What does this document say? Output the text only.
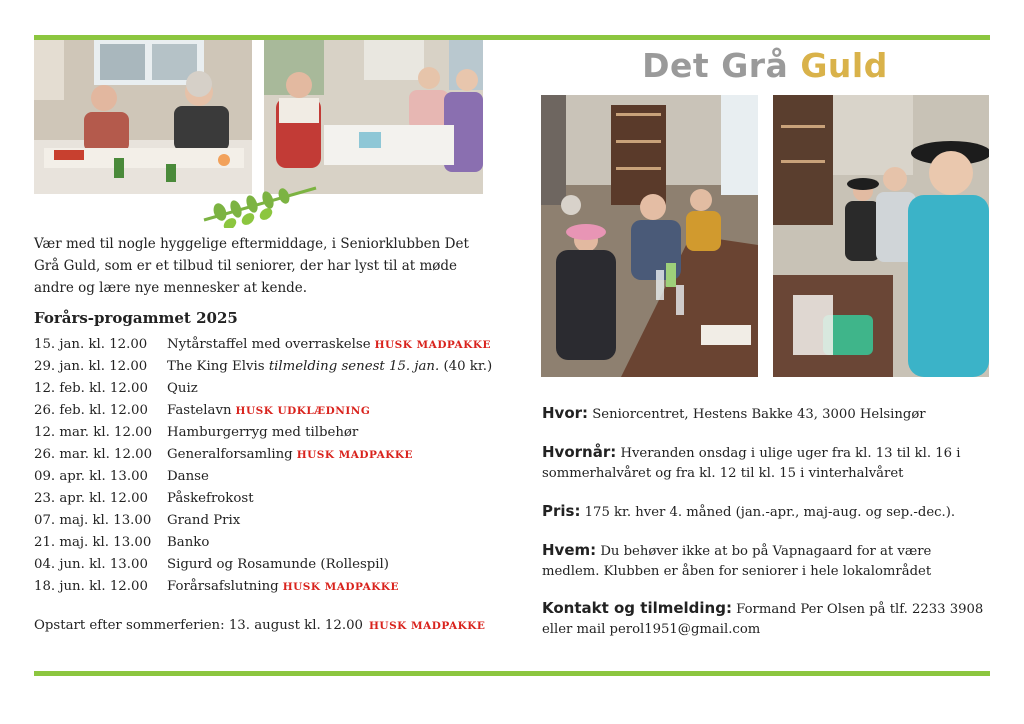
Vær med til nogle hyggelige eftermiddage, i Seniorklubben Det Grå Guld, som er et tilbud til seniorer, der har lyst til at møde andre og lære nye mennesker at kende.
Forårs-progammet 2025
15. jan. kl. 12.00	Nytårstaffel med overraskelse HUSK MADPAKKE
29. jan. kl. 12.00	The King Elvis tilmelding senest 15. jan. (40 kr.)
12. feb. kl. 12.00	Quiz
26. feb. kl. 12.00	Fastelavn HUSK UDKLÆDNING
12. mar. kl. 12.00	Hamburgerryg med tilbehør
26. mar. kl. 12.00	Generalforsamling HUSK MADPAKKE
09. apr. kl. 13.00	Danse
23. apr. kl. 12.00	Påskefrokost
07. maj. kl. 13.00	Grand Prix
21. maj. kl. 13.00	Banko
04. jun. kl. 13.00	Sigurd og Rosamunde (Rollespil)
18. jun. kl. 12.00	Forårsafslutning HUSK MADPAKKE
Opstart efter sommerferien: 13. august kl. 12.00 HUSK MADPAKKE
Det Grå Guld
Hvor: Seniorcentret, Hestens Bakke 43, 3000 Helsingør
Hvornår: Hveranden onsdag i ulige uger fra kl. 13 til kl. 16 i sommerhalvåret og fra kl. 12 til kl. 15 i vinterhalvåret
Pris: 175 kr. hver 4. måned (jan.-apr., maj-aug. og sep.-dec.).
Hvem: Du behøver ikke at bo på Vapnagaard for at være medlem. Klubben er åben for seniorer i hele lokalområdet
Kontakt og tilmelding: Formand Per Olsen på tlf. 2233 3908 eller mail perol1951@gmail.com
